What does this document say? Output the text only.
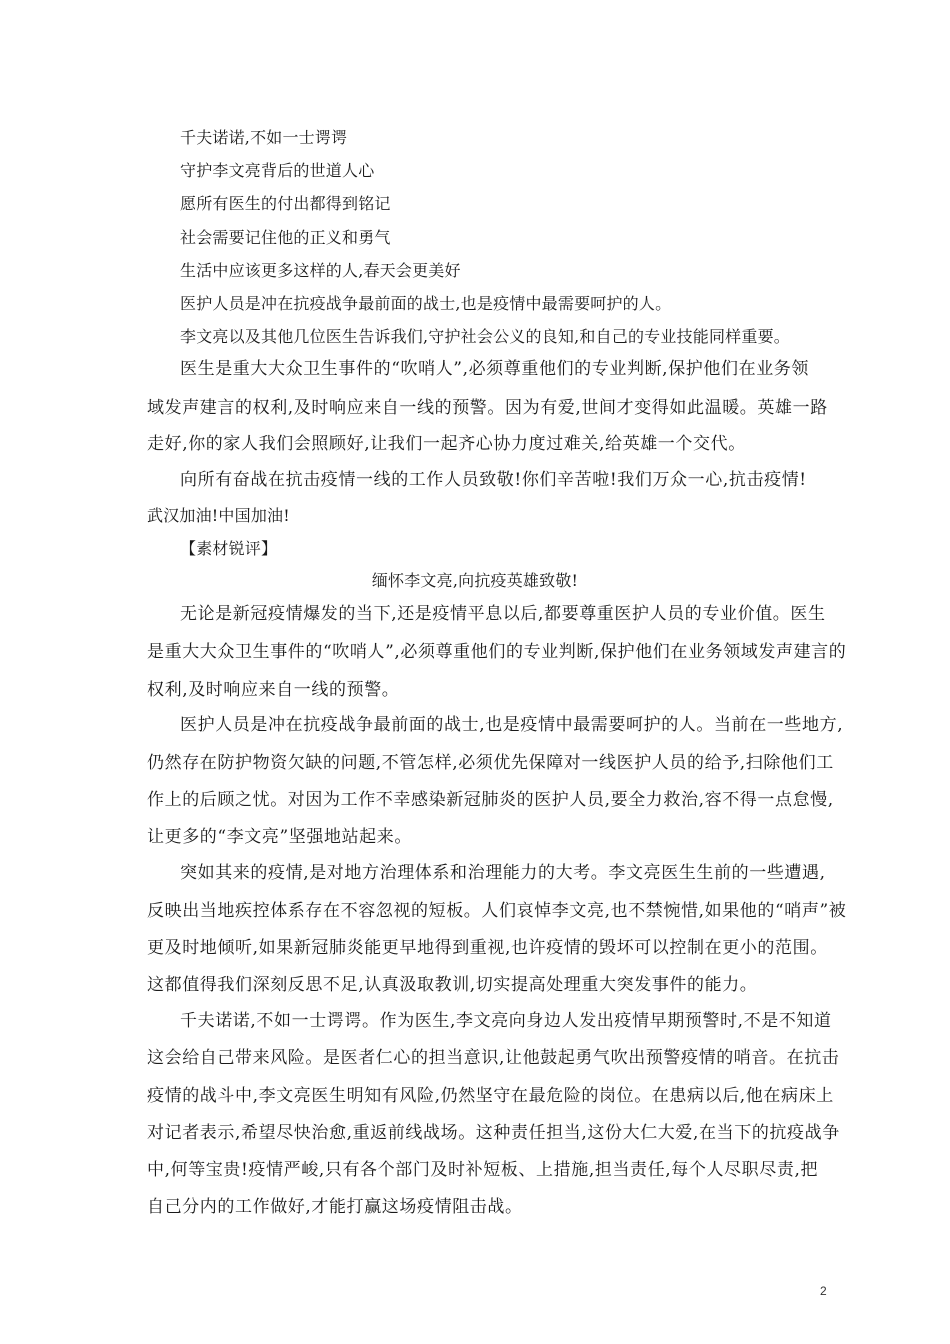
千夫诺诺,不如一士谔谔
守护李文亮背后的世道人心
愿所有医生的付出都得到铭记
社会需要记住他的正义和勇气
生活中应该更多这样的人,春天会更美好
医护人员是冲在抗疫战争最前面的战士,也是疫情中最需要呵护的人。
李文亮以及其他几位医生告诉我们,守护社会公义的良知,和自己的专业技能同样重要。
医生是重大大众卫生事件的“吹哨人”,必须尊重他们的专业判断,保护他们在业务领
域发声建言的权利,及时响应来自一线的预警。因为有爱,世间才变得如此温暖。英雄一路
走好,你的家人我们会照顾好,让我们一起齐心协力度过难关,给英雄一个交代。
向所有奋战在抗击疫情一线的工作人员致敬!你们辛苦啦!我们万众一心,抗击疫情!
武汉加油!中国加油!
【素材锐评】
缅怀李文亮,向抗疫英雄致敬!
无论是新冠疫情爆发的当下,还是疫情平息以后,都要尊重医护人员的专业价值。医生
是重大大众卫生事件的“吹哨人”,必须尊重他们的专业判断,保护他们在业务领域发声建言的
权利,及时响应来自一线的预警。
医护人员是冲在抗疫战争最前面的战士,也是疫情中最需要呵护的人。当前在一些地方,
仍然存在防护物资欠缺的问题,不管怎样,必须优先保障对一线医护人员的给予,扫除他们工
作上的后顾之忧。对因为工作不幸感染新冠肺炎的医护人员,要全力救治,容不得一点怠慢,
让更多的“李文亮”坚强地站起来。
突如其来的疫情,是对地方治理体系和治理能力的大考。李文亮医生生前的一些遭遇,
反映出当地疾控体系存在不容忽视的短板。人们哀悼李文亮,也不禁惋惜,如果他的“哨声”被
更及时地倾听,如果新冠肺炎能更早地得到重视,也许疫情的毁坏可以控制在更小的范围。
这都值得我们深刻反思不足,认真汲取教训,切实提高处理重大突发事件的能力。
千夫诺诺,不如一士谔谔。作为医生,李文亮向身边人发出疫情早期预警时,不是不知道
这会给自己带来风险。是医者仁心的担当意识,让他鼓起勇气吹出预警疫情的哨音。在抗击
疫情的战斗中,李文亮医生明知有风险,仍然坚守在最危险的岗位。在患病以后,他在病床上
对记者表示,希望尽快治愈,重返前线战场。这种责任担当,这份大仁大爱,在当下的抗疫战争
中,何等宝贵!疫情严峻,只有各个部门及时补短板、上措施,担当责任,每个人尽职尽责,把
自己分内的工作做好,才能打赢这场疫情阻击战。
2
